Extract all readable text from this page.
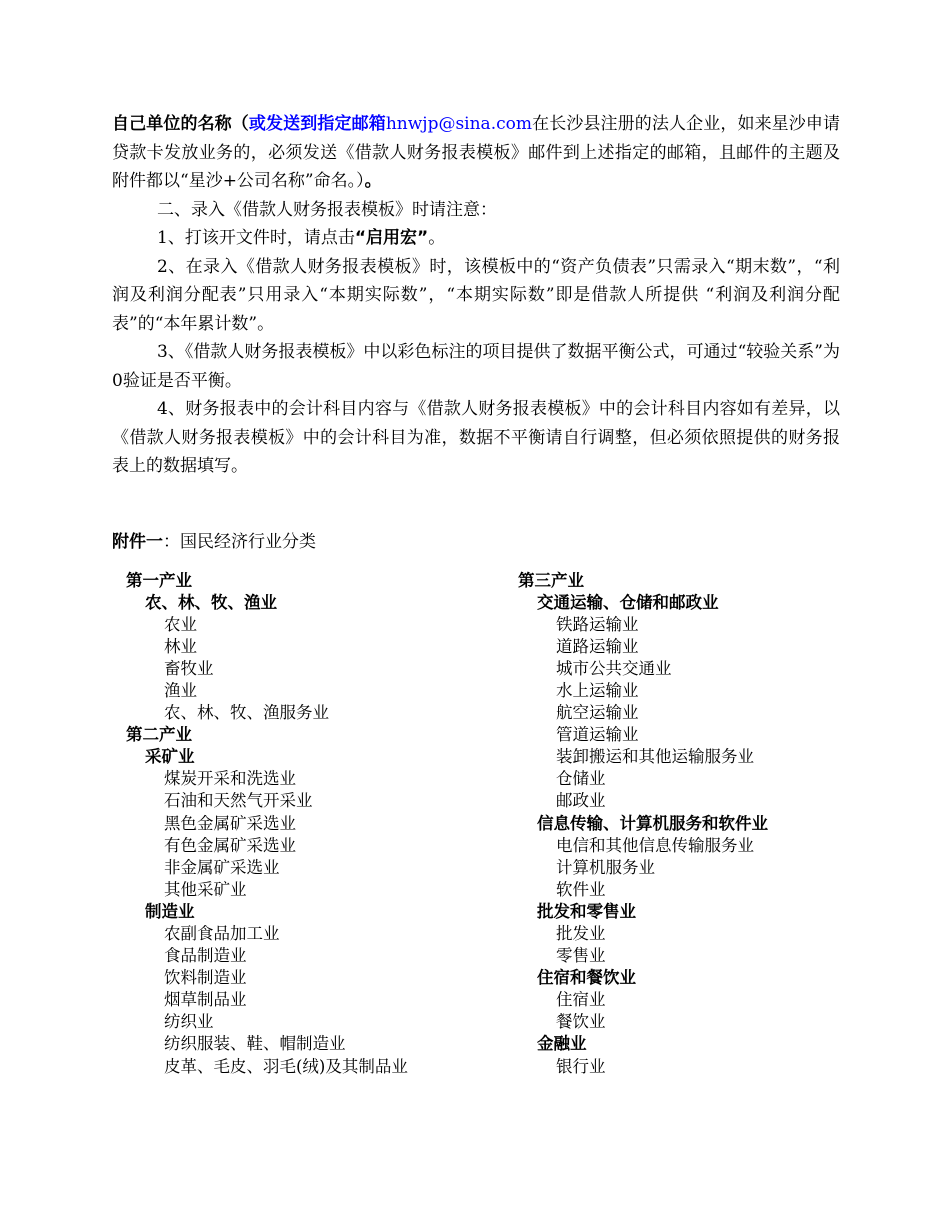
自己单位的名称（或发送到指定邮箱hnwjp@sina.com在长沙县注册的法人企业，如来星沙申请贷款卡发放业务的，必须发送《借款人财务报表模板》邮件到上述指定的邮箱，且邮件的主题及附件都以“星沙+公司名称”命名。）。

二、录入《借款人财务报表模板》时请注意：

1、打该开文件时，请点击“启用宏”。

2、在录入《借款人财务报表模板》时，该模板中的“资产负债表”只需录入“期末数”，“利润及利润分配表”只用录入“本期实际数”，“本期实际数”即是借款人所提供 “利润及利润分配表”的“本年累计数”。

3、《借款人财务报表模板》中以彩色标注的项目提供了数据平衡公式，可通过“较验关系”为0验证是否平衡。

4、财务报表中的会计科目内容与《借款人财务报表模板》中的会计科目内容如有差异，以《借款人财务报表模板》中的会计科目为准，数据不平衡请自行调整，但必须依照提供的财务报表上的数据填写。

附件一：国民经济行业分类

第一产业
农、林、牧、渔业
农业
林业
畜牧业
渔业
农、林、牧、渔服务业
第二产业
采矿业
煤炭开采和洗选业
石油和天然气开采业
黑色金属矿采选业
有色金属矿采选业
非金属矿采选业
其他采矿业
制造业
农副食品加工业
食品制造业
饮料制造业
烟草制品业
纺织业
纺织服装、鞋、帽制造业
皮革、毛皮、羽毛(绒)及其制品业
第三产业
交通运输、仓储和邮政业
铁路运输业
道路运输业
城市公共交通业
水上运输业
航空运输业
管道运输业
装卸搬运和其他运输服务业
仓储业
邮政业
信息传输、计算机服务和软件业
电信和其他信息传输服务业
计算机服务业
软件业
批发和零售业
批发业
零售业
住宿和餐饮业
住宿业
餐饮业
金融业
银行业
